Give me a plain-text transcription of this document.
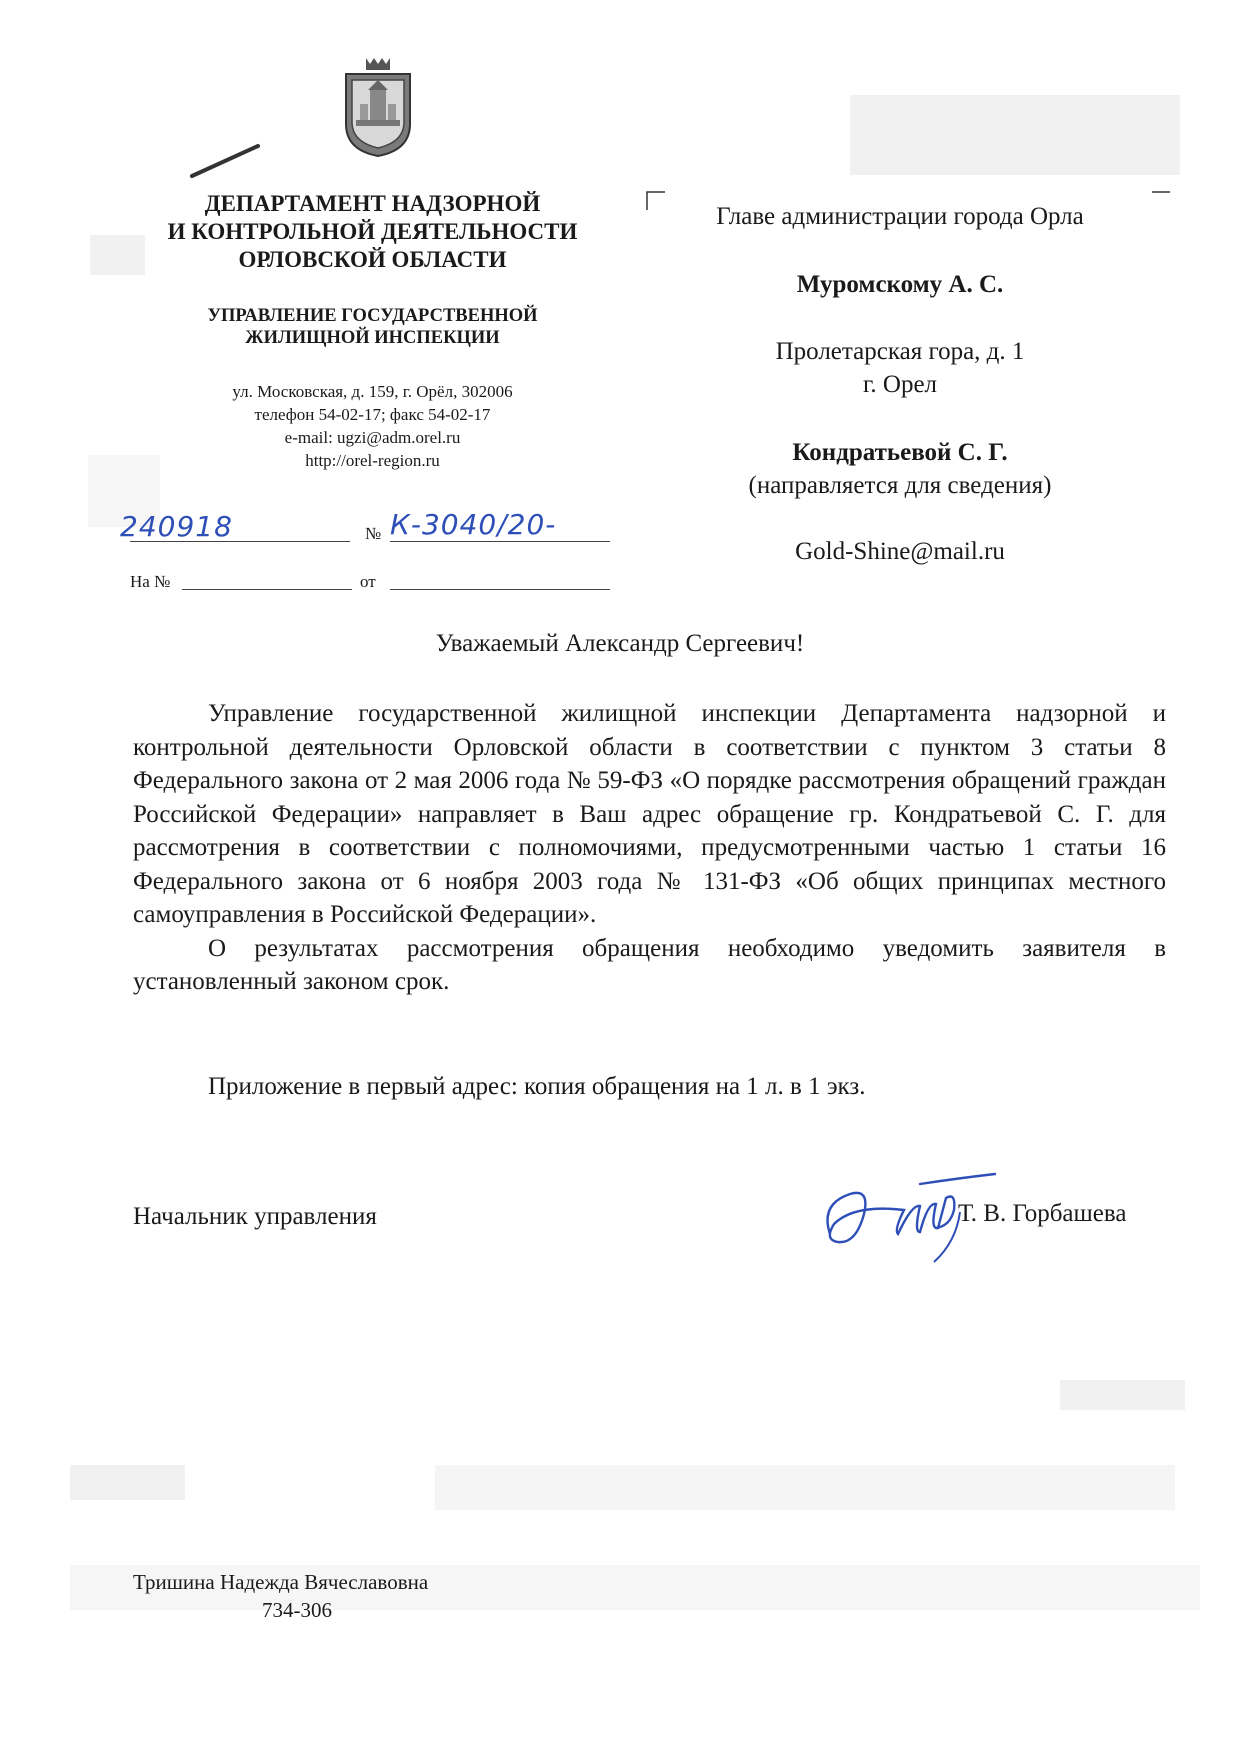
ДЕПАРТАМЕНТ НАДЗОРНОЙ
И КОНТРОЛЬНОЙ ДЕЯТЕЛЬНОСТИ
ОРЛОВСКОЙ ОБЛАСТИ
УПРАВЛЕНИЕ ГОСУДАРСТВЕННОЙ
ЖИЛИЩНОЙ ИНСПЕКЦИИ
ул. Московская, д. 159, г. Орёл, 302006
телефон 54-02-17; факс 54-02-17
e-mail: ugzi@adm.orel.ru
http://orel-region.ru
240918	№ К-3040/20-
На №	от
Главе администрации города Орла
Муромскому А. С.
Пролетарская гора, д. 1
г. Орел
Кондратьевой С. Г.
(направляется для сведения)
Gold-Shine@mail.ru
Уважаемый Александр Сергеевич!

Управление государственной жилищной инспекции Департамента надзорной и контрольной деятельности Орловской области в соответствии с пунктом 3 статьи 8 Федерального закона от 2 мая 2006 года № 59-ФЗ «О порядке рассмотрения обращений граждан Российской Федерации» направляет в Ваш адрес обращение гр. Кондратьевой С. Г. для рассмотрения в соответствии с полномочиями, предусмотренными частью 1 статьи 16 Федерального закона от 6 ноября 2003 года № 131-ФЗ «Об общих принципах местного самоуправления в Российской Федерации».

О результатах рассмотрения обращения необходимо уведомить заявителя в установленный законом срок.

Приложение в первый адрес: копия обращения на 1 л. в 1 экз.
Начальник управления	Т. В. Горбашева
Тришина Надежда Вячеславовна
734-306
